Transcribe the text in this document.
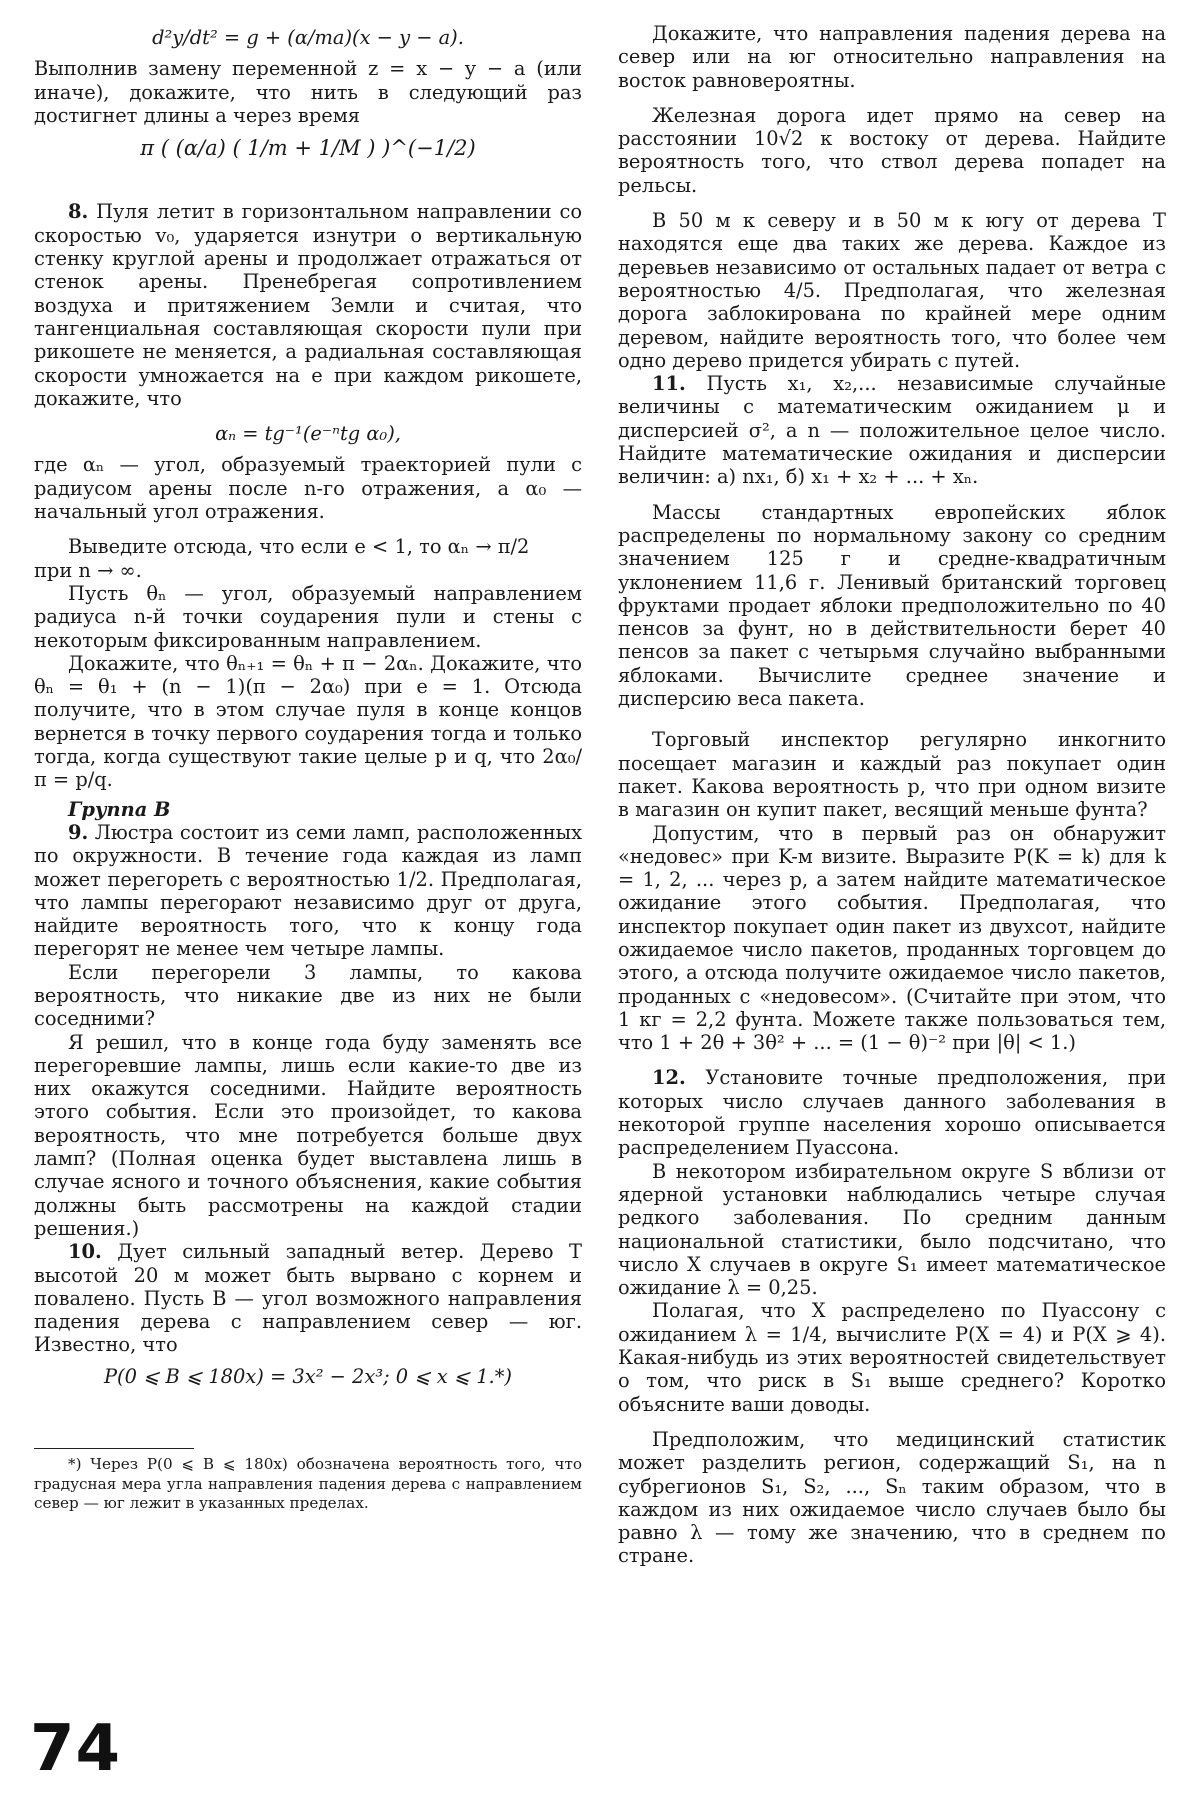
d²y/dt² = g + (α/ma)(x − y − a).

Выполнив замену переменной z = x − y − a (или иначе), докажите, что нить в следующий раз достигнет длины a через время

π ( (α/a) ( 1/m + 1/M ) )^(−1/2)

8. Пуля летит в горизонтальном направлении со скоростью v₀, ударяется изнутри о вертикальную стенку круглой арены и продолжает отражаться от стенок арены. Пренебрегая сопротивлением воздуха и притяжением Земли и считая, что тангенциальная составляющая скорости пули при рикошете не меняется, а радиальная составляющая скорости умножается на e при каждом рикошете, докажите, что

αₙ = tg⁻¹(e⁻ⁿtg α₀),

где αₙ — угол, образуемый траекторией пули с радиусом арены после n-го отражения, а α₀ — начальный угол отражения.

Выведите отсюда, что если e < 1, то αₙ → π/2

при n → ∞.

Пусть θₙ — угол, образуемый направлением радиуса n-й точки соударения пули и стены с некоторым фиксированным направлением.

Докажите, что θₙ₊₁ = θₙ + π − 2αₙ. Докажите, что θₙ = θ₁ + (n − 1)(π − 2α₀) при e = 1. Отсюда получите, что в этом случае пуля в конце концов вернется в точку первого соударения тогда и только тогда, когда существуют такие целые p и q, что 2α₀/π = p/q.

Группа B

9. Люстра состоит из семи ламп, расположенных по окружности. В течение года каждая из ламп может перегореть с вероятностью 1/2. Предполагая, что лампы перегорают независимо друг от друга, найдите вероятность того, что к концу года перегорят не менее чем четыре лампы.

Если перегорели 3 лампы, то какова вероятность, что никакие две из них не были соседними?

Я решил, что в конце года буду заменять все перегоревшие лампы, лишь если какие-то две из них окажутся соседними. Найдите вероятность этого события. Если это произойдет, то какова вероятность, что мне потребуется больше двух ламп? (Полная оценка будет выставлена лишь в случае ясного и точного объяснения, какие события должны быть рассмотрены на каждой стадии решения.)

10. Дует сильный западный ветер. Дерево T высотой 20 м может быть вырвано с корнем и повалено. Пусть B — угол возможного направления падения дерева с направлением север — юг. Известно, что

P(0 ⩽ B ⩽ 180x) = 3x² − 2x³; 0 ⩽ x ⩽ 1.*)

*) Через P(0 ⩽ B ⩽ 180x) обозначена вероятность того, что градусная мера угла направления падения дерева с направлением север — юг лежит в указанных пределах.

Докажите, что направления падения дерева на север или на юг относительно направления на восток равновероятны.

Железная дорога идет прямо на север на расстоянии 10√2 к востоку от дерева. Найдите вероятность того, что ствол дерева попадет на рельсы.

В 50 м к северу и в 50 м к югу от дерева T находятся еще два таких же дерева. Каждое из деревьев независимо от остальных падает от ветра с вероятностью 4/5. Предполагая, что железная дорога заблокирована по крайней мере одним деревом, найдите вероятность того, что более чем одно дерево придется убирать с путей.

11. Пусть x₁, x₂,... независимые случайные величины с математическим ожиданием μ и дисперсией σ², а n — положительное целое число. Найдите математические ожидания и дисперсии величин: а) nx₁, б) x₁ + x₂ + ... + xₙ.

Массы стандартных европейских яблок распределены по нормальному закону со средним значением 125 г и средне-квадратичным уклонением 11,6 г. Ленивый британский торговец фруктами продает яблоки предположительно по 40 пенсов за фунт, но в действительности берет 40 пенсов за пакет с четырьмя случайно выбранными яблоками. Вычислите среднее значение и дисперсию веса пакета.

Торговый инспектор регулярно инкогнито посещает магазин и каждый раз покупает один пакет. Какова вероятность p, что при одном визите в магазин он купит пакет, весящий меньше фунта?

Допустим, что в первый раз он обнаружит «недовес» при K-м визите. Выразите P(K = k) для k = 1, 2, ... через p, а затем найдите математическое ожидание этого события. Предполагая, что инспектор покупает один пакет из двухсот, найдите ожидаемое число пакетов, проданных торговцем до этого, а отсюда получите ожидаемое число пакетов, проданных с «недовесом». (Считайте при этом, что 1 кг = 2,2 фунта. Можете также пользоваться тем, что 1 + 2θ + 3θ² + ... = (1 − θ)⁻² при |θ| < 1.)

12. Установите точные предположения, при которых число случаев данного заболевания в некоторой группе населения хорошо описывается распределением Пуассона.

В некотором избирательном округе S вблизи от ядерной установки наблюдались четыре случая редкого заболевания. По средним данным национальной статистики, было подсчитано, что число X случаев в округе S₁ имеет математическое ожидание λ = 0,25.

Полагая, что X распределено по Пуассону с ожиданием λ = 1/4, вычислите P(X = 4) и P(X ⩾ 4). Какая-нибудь из этих вероятностей свидетельствует о том, что риск в S₁ выше среднего? Коротко объясните ваши доводы.

Предположим, что медицинский статистик может разделить регион, содержащий S₁, на n субрегионов S₁, S₂, ..., Sₙ таким образом, что в каждом из них ожидаемое число случаев было бы равно λ — тому же значению, что в среднем по стране.

74
